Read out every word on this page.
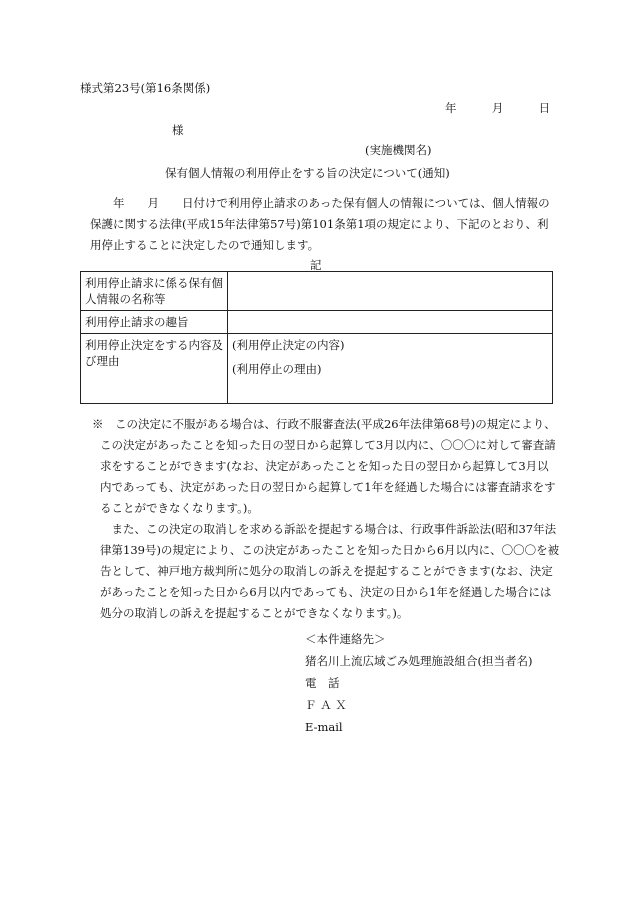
様式第23号(第16条関係)
年	月	日
様
(実施機関名)
保有個人情報の利用停止をする旨の決定について(通知)
　　年　　月　　日付けで利用停止請求のあった保有個人の情報については、個人情報の保護に関する法律(平成15年法律第57号)第101条第1項の規定により、下記のとおり、利用停止することに決定したので通知します。
記
利用停止請求に係る保有個人情報の名称等	
利用停止請求の趣旨	
利用停止決定をする内容及び理由	(利用停止決定の内容)
(利用停止の理由)

※　この決定に不服がある場合は、行政不服審査法(平成26年法律第68号)の規定により、この決定があったことを知った日の翌日から起算して3月以内に、〇〇〇に対して審査請求をすることができます(なお、決定があったことを知った日の翌日から起算して3月以内であっても、決定があった日の翌日から起算して1年を経過した場合には審査請求をすることができなくなります。)。

また、この決定の取消しを求める訴訟を提起する場合は、行政事件訴訟法(昭和37年法律第139号)の規定により、この決定があったことを知った日から6月以内に、〇〇〇を被告として、神戸地方裁判所に処分の取消しの訴えを提起することができます(なお、決定があったことを知った日から6月以内であっても、決定の日から1年を経過した場合には処分の取消しの訴えを提起することができなくなります。)。

＜本件連絡先＞
猪名川上流広域ごみ処理施設組合(担当者名)
電　話
Ｆ Ａ Ｘ
E-mail
